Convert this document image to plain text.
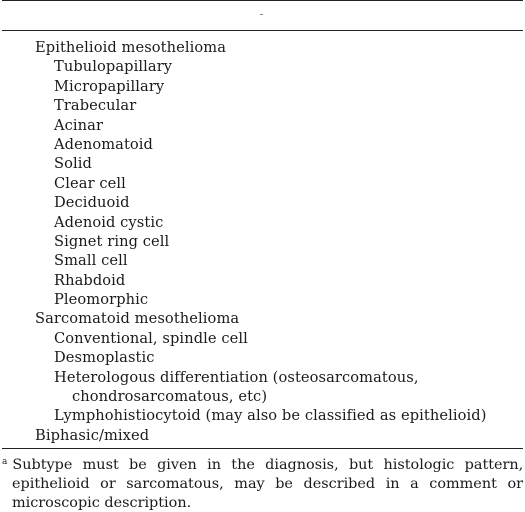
Epithelioid mesothelioma
Tubulopapillary
Micropapillary
Trabecular
Acinar
Adenomatoid
Solid
Clear cell
Deciduoid
Adenoid cystic
Signet ring cell
Small cell
Rhabdoid
Pleomorphic
Sarcomatoid mesothelioma
Conventional, spindle cell
Desmoplastic
Heterologous differentiation (osteosarcomatous,
chondrosarcomatous, etc)
Lymphohistiocytoid (may also be classified as epithelioid)
Biphasic/mixed
a Subtype must be given in the diagnosis, but histologic pattern,
epithelioid or sarcomatous, may be described in a comment or
microscopic description.
